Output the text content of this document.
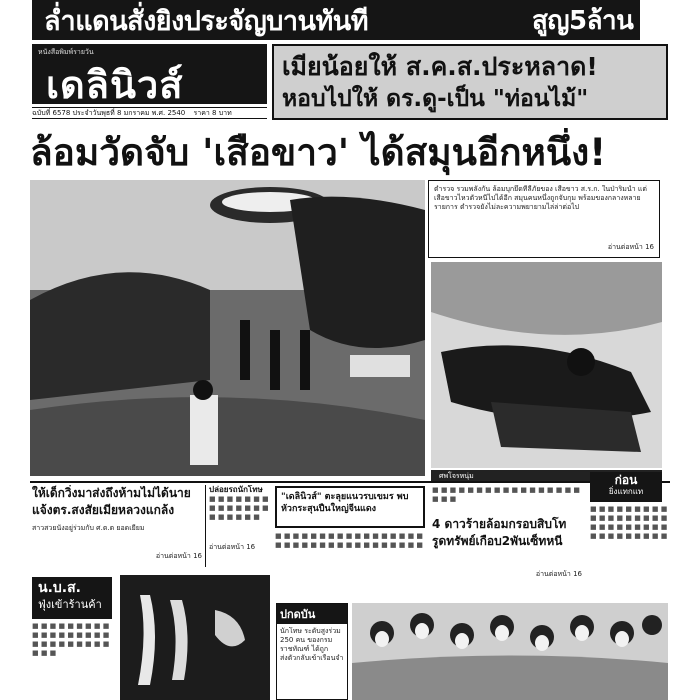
ล่ำแดนสั่งยิงประจัญบานทันที	สูญ5ล้าน
หนังสือพิมพ์รายวัน
เดลินิวส์
ฉบับที่ 6578 ประจำวันพุธที่ 8 มกราคม พ.ศ. 2540 ราคา 8 บาท
เมียน้อยให้ ส.ค.ส.ประหลาด!
หอบไปให้ ดร.ดู-เป็น "ท่อนไม้"
ล้อมวัดจับ 'เสือขาว' ได้สมุนอีกหนึ่ง!
ตำรวจ รวมพลังกัน ล้อมบุกยึดที่ลี้ภัยของ เสือขาว ส.ร.ก. ในป่าริมน้ำ แต่เสือขาวไหวตัวหนีไปได้อีก สมุนคนหนึ่งถูกจับกุม พร้อมของกลางหลายรายการ ตำรวจยังไม่ละความพยายามไล่ล่าต่อไป
อ่านต่อหน้า 16
ศพโจรหนุ่ม
ให้เด็กวิ่งมาส่งถึงห้ามไม่ได้นาย แจ้งตร.สงสัยเมียหลวงแกล้ง
สาวสวยนั่งอยู่ร่วมกับ ศ.ต.ต ยอดเยี่ยม
อ่านต่อหน้า 16
ปล่อยรถนักโทษ
■ ■ ■ ■ ■ ■ ■ ■ ■ ■ ■ ■ ■ ■ ■ ■ ■ ■ ■ ■
อ่านต่อหน้า 16
"เดลินิวส์" ตะลุยแนวรบเขมร พบหัวกระสุนปืนใหญ่จีนแดง
■ ■ ■ ■ ■ ■ ■ ■ ■ ■ ■ ■ ■ ■ ■ ■ ■ ■ ■ ■ ■ ■ ■ ■ ■ ■ ■ ■ ■ ■ ■ ■ ■ ■
■ ■ ■ ■ ■ ■ ■ ■ ■ ■ ■ ■ ■ ■ ■ ■ ■ ■ ■ ■
4 ดาวร้ายล้อมกรอบสิบโท รูดทรัพย์เกือบ2พันเซ็ทหนี
อ่านต่อหน้า 16
ก่อน
ยิ่งแทกแท
■ ■ ■ ■ ■ ■ ■ ■ ■ ■ ■ ■ ■ ■ ■ ■ ■ ■ ■ ■ ■ ■ ■ ■ ■ ■ ■ ■ ■ ■ ■ ■ ■ ■ ■ ■
น.บ.ส.
ฟุ่งเข้าร้านค้า
■ ■ ■ ■ ■ ■ ■ ■ ■ ■ ■ ■ ■ ■ ■ ■ ■ ■ ■ ■ ■ ■ ■ ■ ■ ■ ■ ■ ■ ■
ปกดบัน
นักโทษ ระดับสูงร่วม 250 คน ของกรมราชทัณฑ์ ได้ถูกส่งตัวกลับเข้าเรือนจำ
